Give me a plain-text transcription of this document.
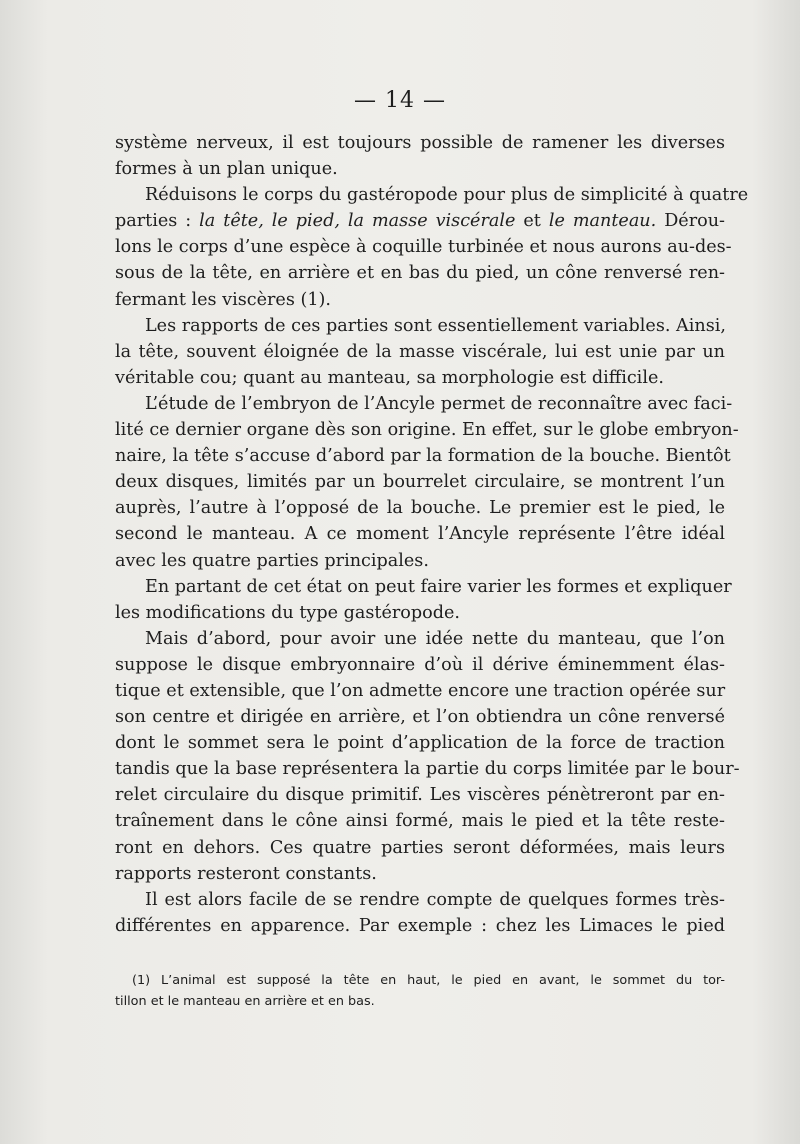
— 14 —
système nerveux, il est toujours possible de ramener les diverses
formes à un plan unique.
Réduisons le corps du gastéropode pour plus de simplicité à quatre
parties : la tête, le pied, la masse viscérale et le manteau. Dérou-
lons le corps d’une espèce à coquille turbinée et nous aurons au-des-
sous de la tête, en arrière et en bas du pied, un cône renversé ren-
fermant les viscères (1).
Les rapports de ces parties sont essentiellement variables. Ainsi,
la tête, souvent éloignée de la masse viscérale, lui est unie par un
véritable cou; quant au manteau, sa morphologie est difficile.
L’étude de l’embryon de l’Ancyle permet de reconnaître avec faci-
lité ce dernier organe dès son origine. En effet, sur le globe embryon-
naire, la tête s’accuse d’abord par la formation de la bouche. Bientôt
deux disques, limités par un bourrelet circulaire, se montrent l’un
auprès, l’autre à l’opposé de la bouche. Le premier est le pied, le
second le manteau. A ce moment l’Ancyle représente l’être idéal
avec les quatre parties principales.
En partant de cet état on peut faire varier les formes et expliquer
les modifications du type gastéropode.
Mais d’abord, pour avoir une idée nette du manteau, que l’on
suppose le disque embryonnaire d’où il dérive éminemment élas-
tique et extensible, que l’on admette encore une traction opérée sur
son centre et dirigée en arrière, et l’on obtiendra un cône renversé
dont le sommet sera le point d’application de la force de traction
tandis que la base représentera la partie du corps limitée par le bour-
relet circulaire du disque primitif. Les viscères pénètreront par en-
traînement dans le cône ainsi formé, mais le pied et la tête reste-
ront en dehors. Ces quatre parties seront déformées, mais leurs
rapports resteront constants.
Il est alors facile de se rendre compte de quelques formes très-
différentes en apparence. Par exemple : chez les Limaces le pied
(1) L’animal est supposé la tête en haut, le pied en avant, le sommet du tor-
tillon et le manteau en arrière et en bas.
